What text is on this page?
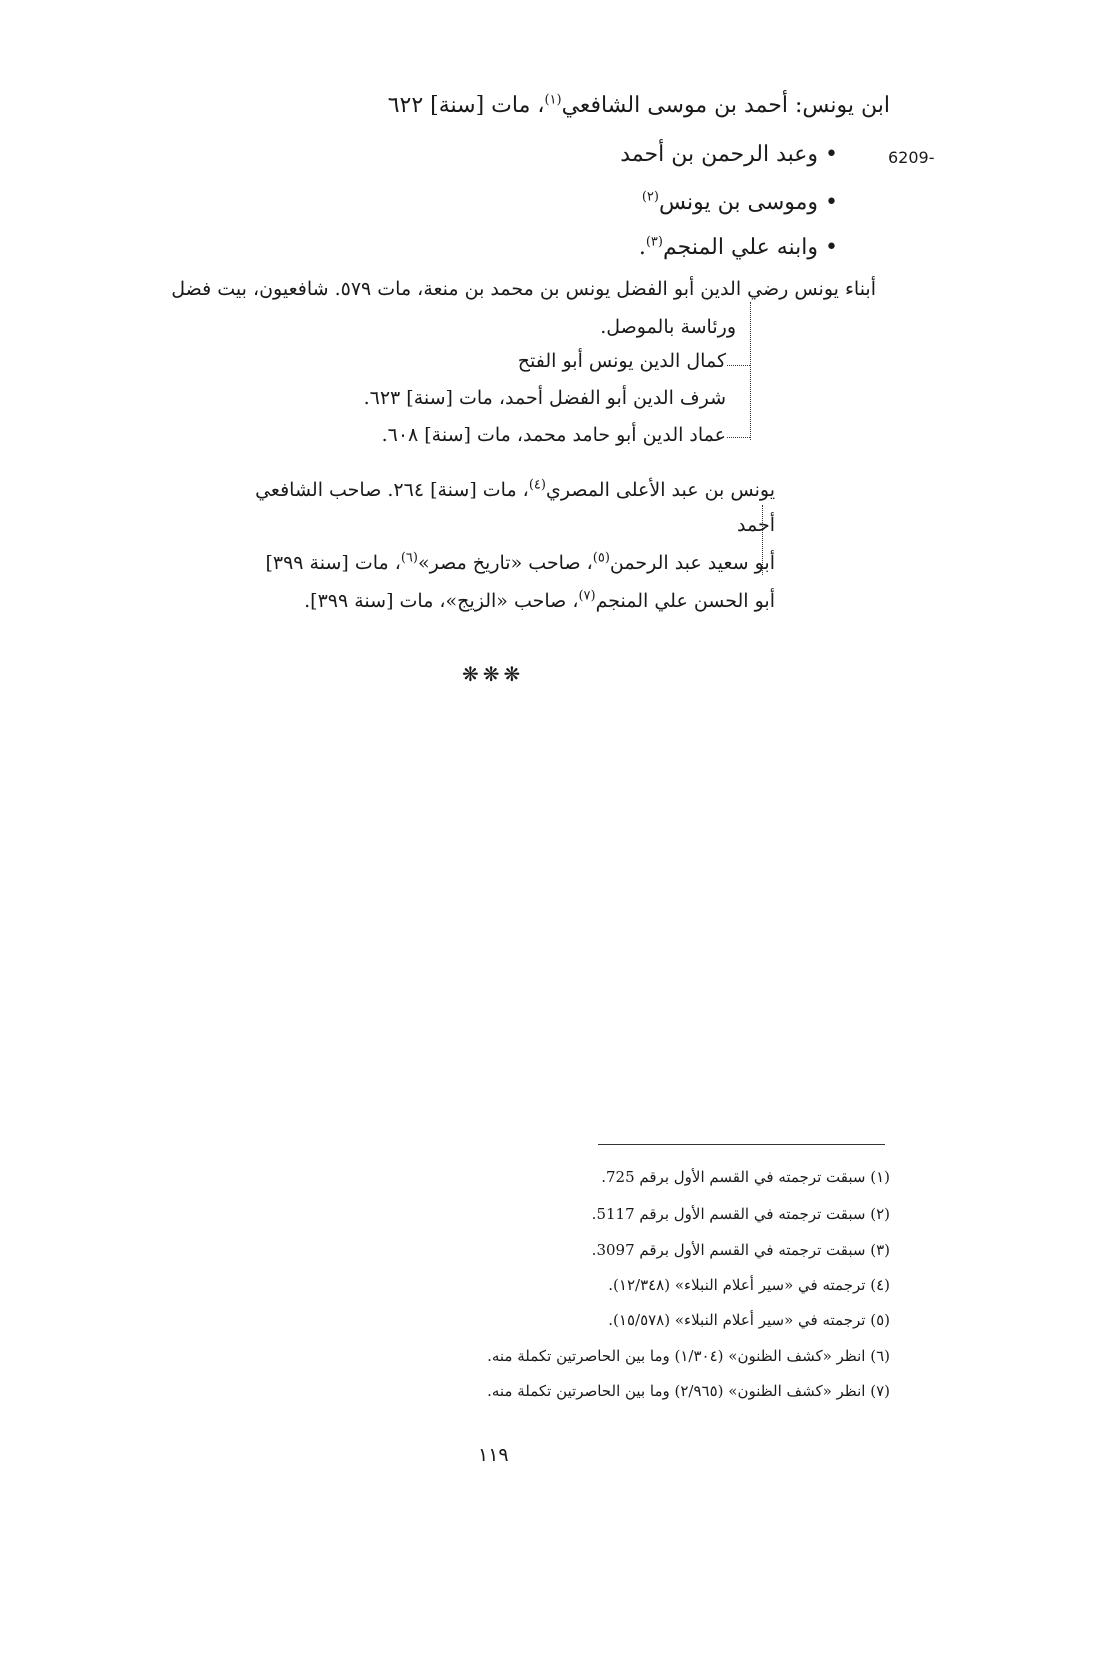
ابن يونس: أحمد بن موسى الشافعي$^{(١)}$، مات [سنة] ٦٢٢
6209-
• وعبد الرحمن بن أحمد
• وموسى بن يونس$^{(٢)}$
• وابنه علي المنجم$^{(٣)}$.
أبناء يونس رضي الدين أبو الفضل يونس بن محمد بن منعة، مات ٥٧٩. شافعيون، بيت فضل
ورئاسة بالموصل.
كمال الدين يونس أبو الفتح
شرف الدين أبو الفضل أحمد، مات [سنة] ٦٢٣.
عماد الدين أبو حامد محمد، مات [سنة] ٦٠٨.
يونس بن عبد الأعلى المصري$^{(٤)}$، مات [سنة] ٢٦٤. صاحب الشافعي
أحمد
أبو سعيد عبد الرحمن$^{(٥)}$، صاحب «تاريخ مصر»$^{(٦)}$، مات [سنة ٣٩٩]
أبو الحسن علي المنجم$^{(٧)}$، صاحب «الزيج»، مات [سنة ٣٩٩].
❋❋❋
(١) سبقت ترجمته في القسم الأول برقم 725.
(٢) سبقت ترجمته في القسم الأول برقم 5117.
(٣) سبقت ترجمته في القسم الأول برقم 3097.
(٤) ترجمته في «سير أعلام النبلاء» (١٢/٣٤٨).
(٥) ترجمته في «سير أعلام النبلاء» (١٥/٥٧٨).
(٦) انظر «كشف الظنون» (١/٣٠٤) وما بين الحاصرتين تكملة منه.
(٧) انظر «كشف الظنون» (٢/٩٦٥) وما بين الحاصرتين تكملة منه.
١١٩
